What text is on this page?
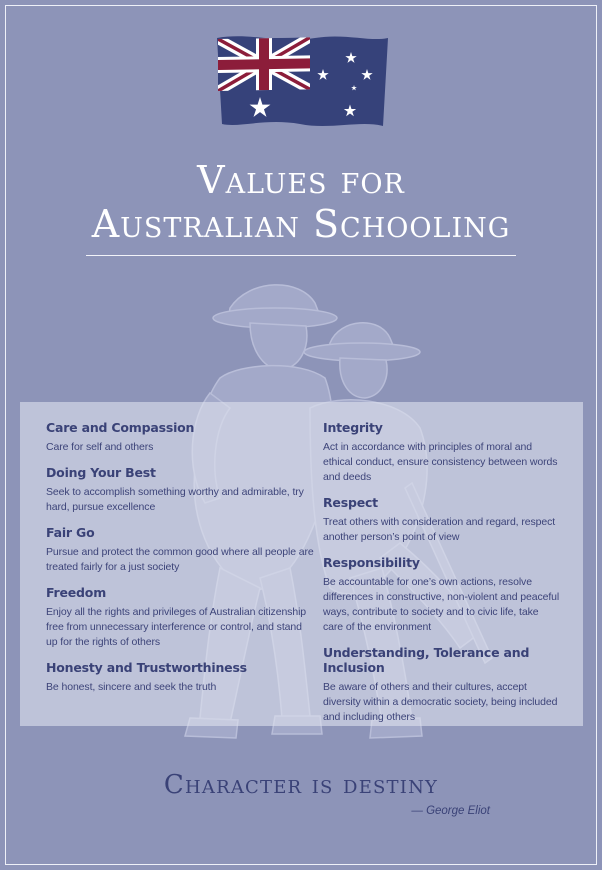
Values for
Australian Schooling
Care and Compassion
Care for self and others
Doing Your Best
Seek to accomplish something worthy and admirable, try hard, pursue excellence
Fair Go
Pursue and protect the common good where all people are treated fairly for a just society
Freedom
Enjoy all the rights and privileges of Australian citizenship free from unnecessary interference or control, and stand up for the rights of others
Honesty and Trustworthiness
Be honest, sincere and seek the truth
Integrity
Act in accordance with principles of moral and ethical conduct, ensure consistency between words and deeds
Respect
Treat others with consideration and regard, respect another person’s point of view
Responsibility
Be accountable for one’s own actions, resolve differences in constructive, non-violent and peaceful ways, contribute to society and to civic life, take care of the environment
Understanding, Tolerance and Inclusion
Be aware of others and their cultures, accept diversity within a democratic society, being included and including others
Character is destiny
— George Eliot
